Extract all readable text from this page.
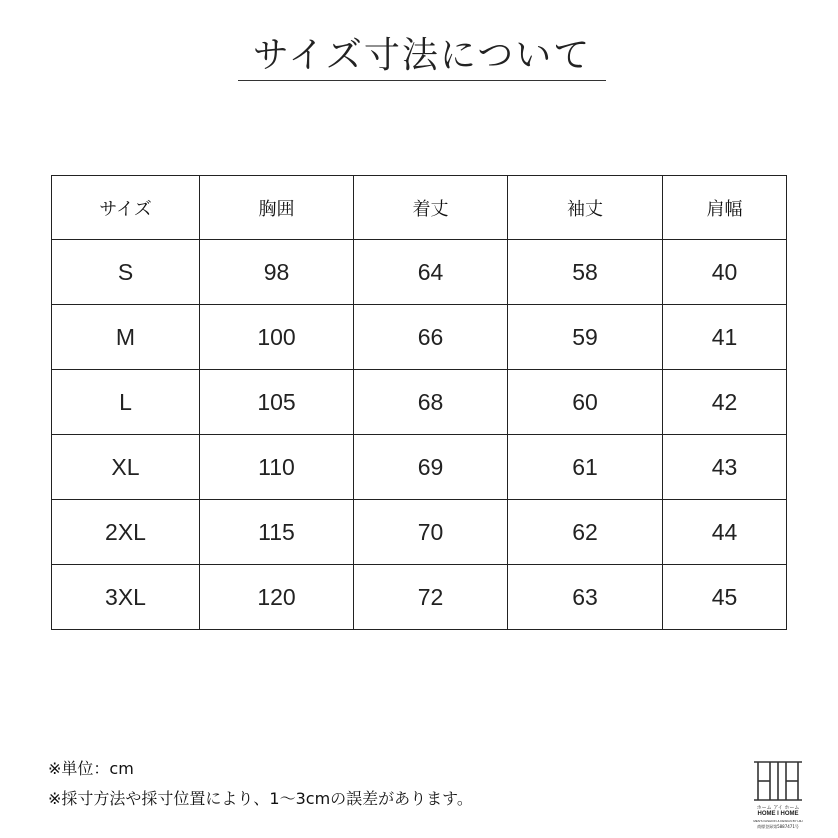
サイズ寸法について
サイズ	胸囲	着丈	袖丈	肩幅
S	98	64	58	40
M	100	66	59	41
L	105	68	60	42
XL	110	69	61	43
2XL	115	70	62	44
3XL	120	72	63	45
※単位：cm
※採寸方法や採寸位置により、1～3cmの誤差があります。	ホーム アイ ホーム
HOME I HOME
MEN'S FASHION & DESIGN BY HIH
商標登録第5887471号
